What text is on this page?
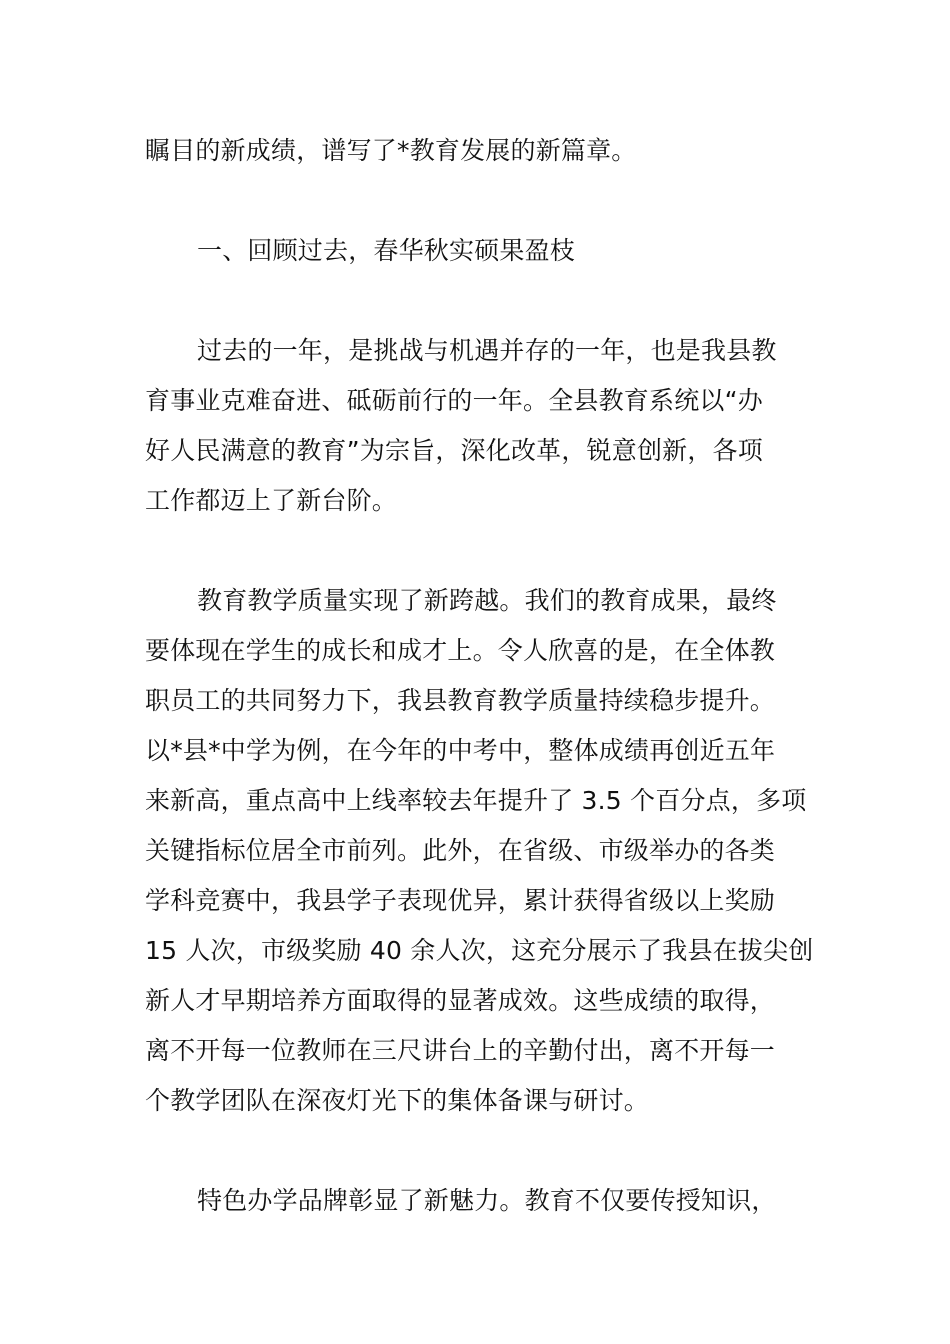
瞩目的新成绩，谱写了*教育发展的新篇章。

一、回顾过去，春华秋实硕果盈枝

过去的一年，是挑战与机遇并存的一年，也是我县教
育事业克难奋进、砥砺前行的一年。全县教育系统以“办
好人民满意的教育”为宗旨，深化改革，锐意创新，各项
工作都迈上了新台阶。

教育教学质量实现了新跨越。我们的教育成果，最终
要体现在学生的成长和成才上。令人欣喜的是，在全体教
职员工的共同努力下，我县教育教学质量持续稳步提升。
以*县*中学为例，在今年的中考中，整体成绩再创近五年
来新高，重点高中上线率较去年提升了 3.5 个百分点，多项
关键指标位居全市前列。此外，在省级、市级举办的各类
学科竞赛中，我县学子表现优异，累计获得省级以上奖励
15 人次，市级奖励 40 余人次，这充分展示了我县在拔尖创
新人才早期培养方面取得的显著成效。这些成绩的取得，
离不开每一位教师在三尺讲台上的辛勤付出，离不开每一
个教学团队在深夜灯光下的集体备课与研讨。

特色办学品牌彰显了新魅力。教育不仅要传授知识，
